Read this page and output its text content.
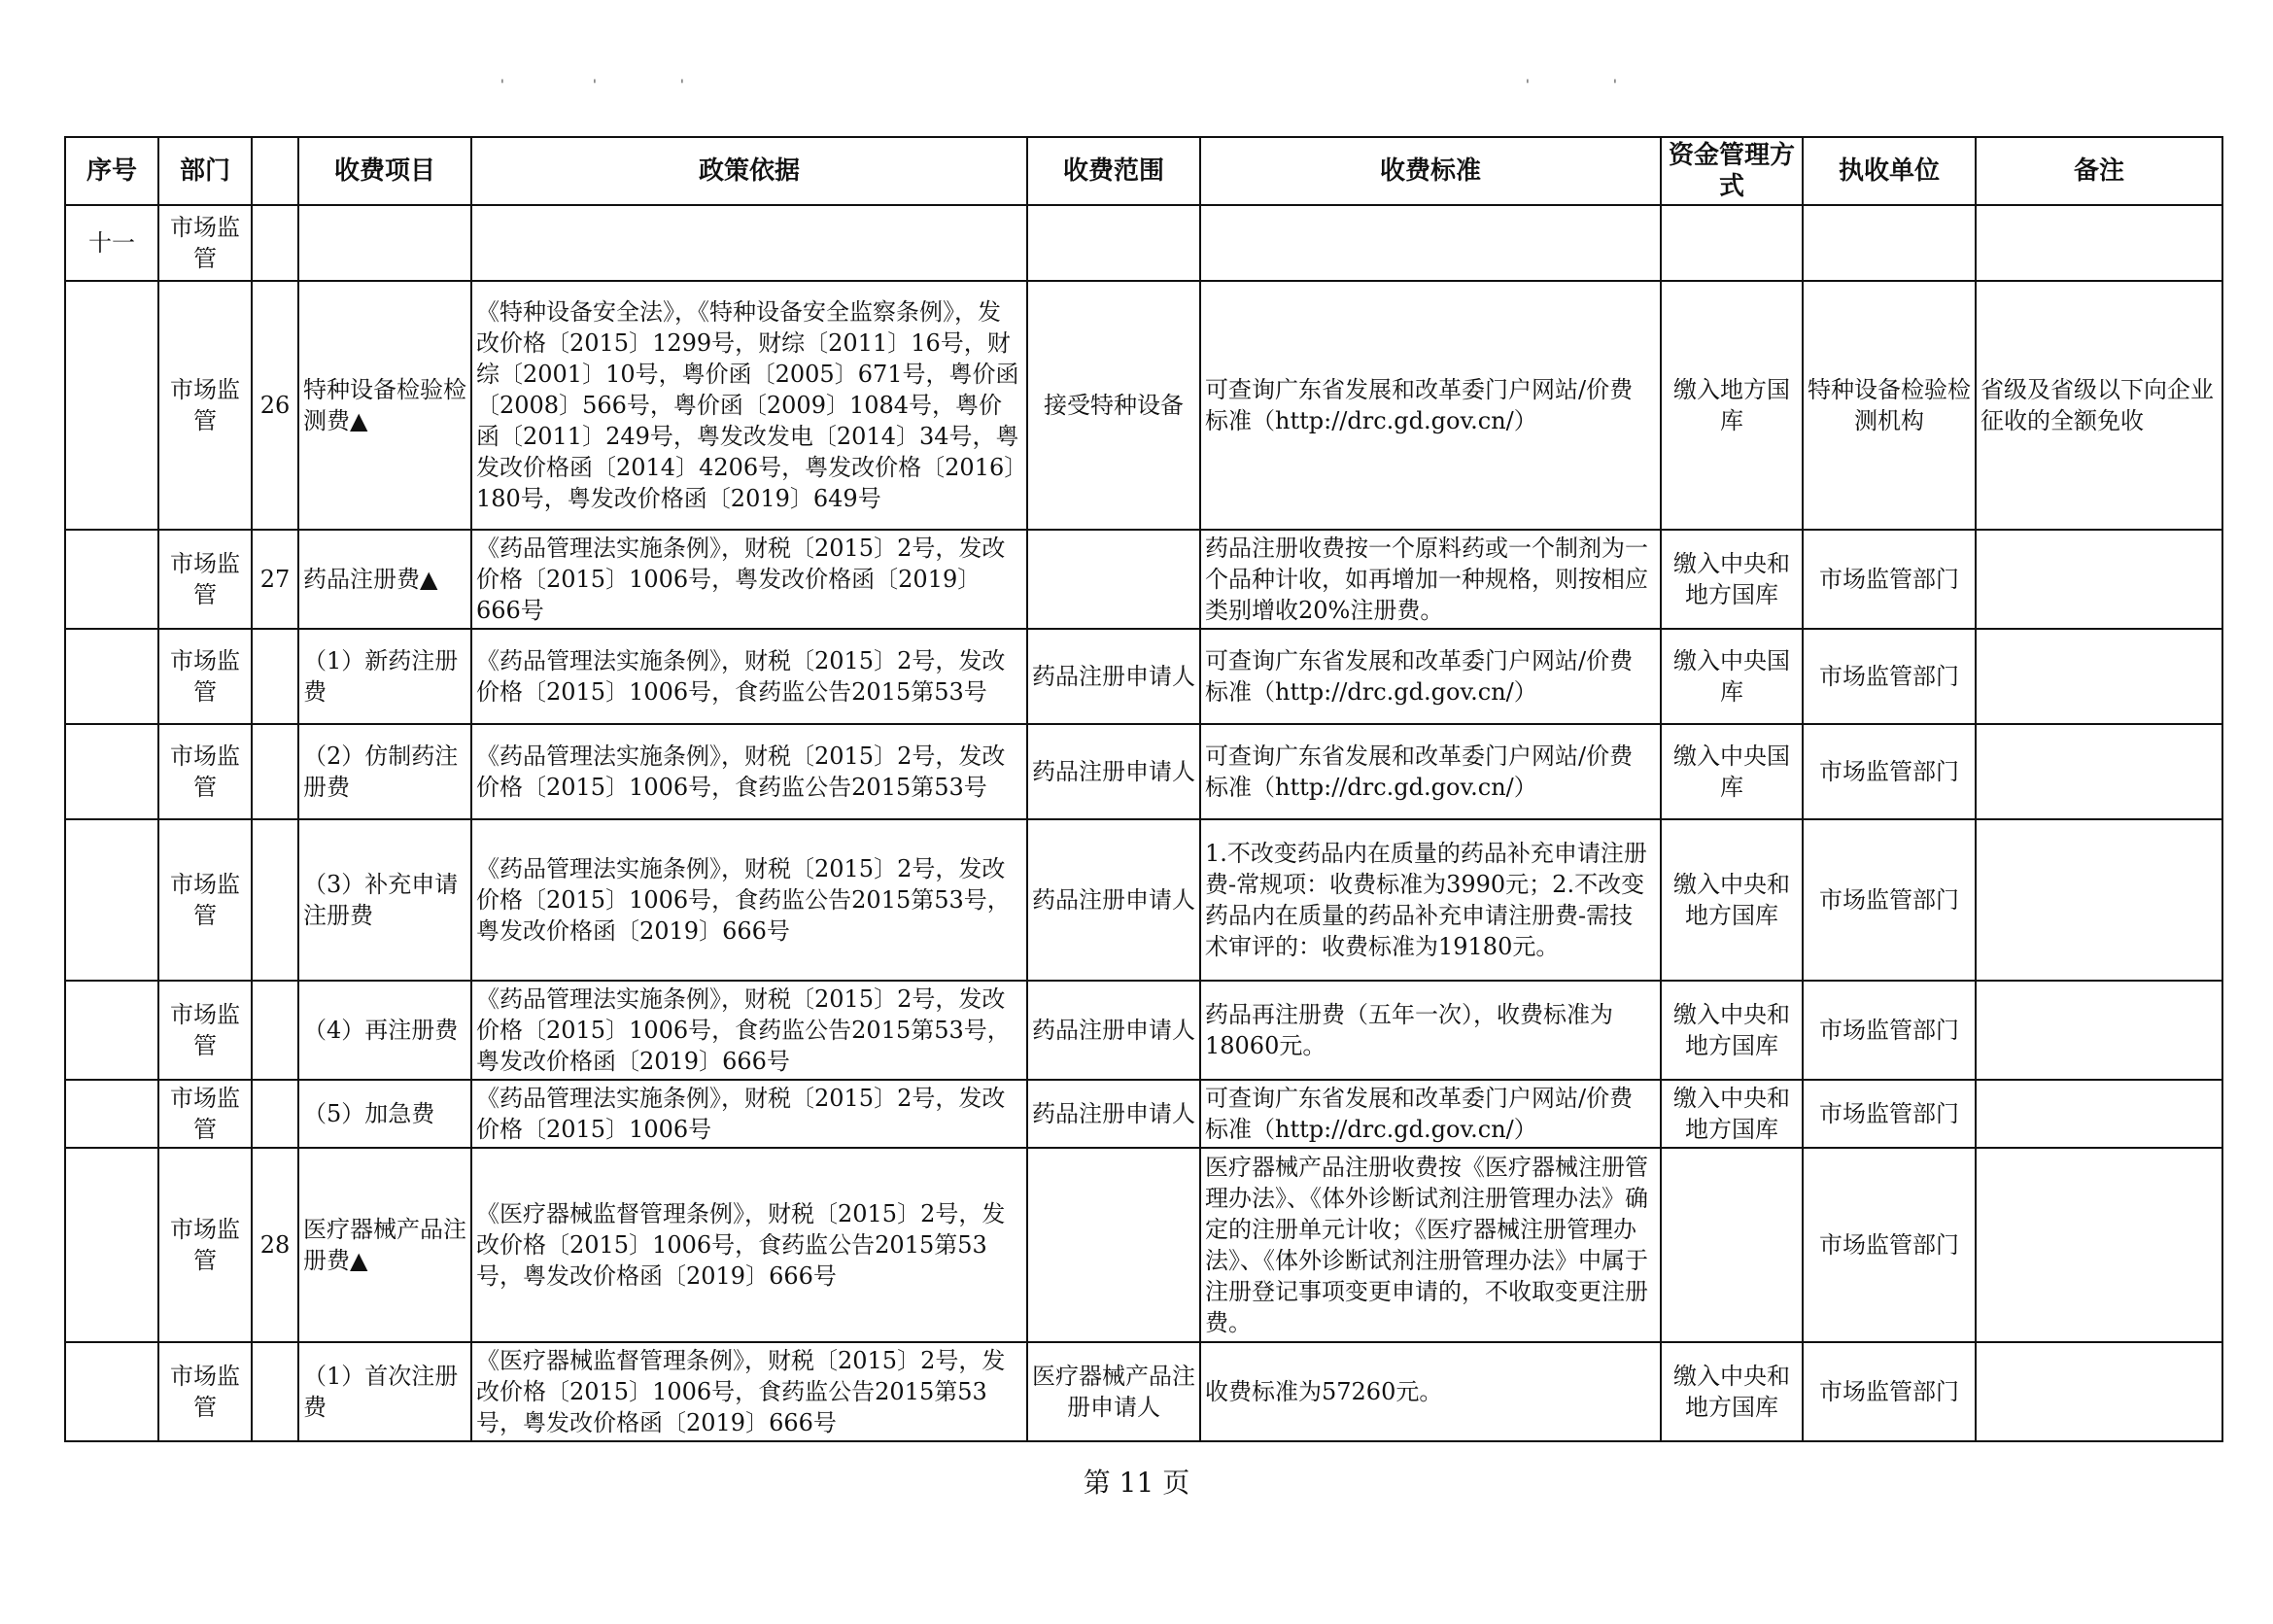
'	'	'	'	'
序号	部门		收费项目	政策依据	收费范围	收费标准	资金管理方式	执收单位	备注
十一	市场监管								
	市场监管	26	特种设备检验检测费▲	《特种设备安全法》，《特种设备安全监察条例》，发改价格〔2015〕1299号，财综〔2011〕16号，财综〔2001〕10号，粤价函〔2005〕671号，粤价函〔2008〕566号，粤价函〔2009〕1084号，粤价函〔2011〕249号，粤发改发电〔2014〕34号，粤发改价格函〔2014〕4206号，粤发改价格〔2016〕180号，粤发改价格函〔2019〕649号	接受特种设备	可查询广东省发展和改革委门户网站/价费标准（http://drc.gd.gov.cn/）	缴入地方国库	特种设备检验检测机构	省级及省级以下向企业征收的全额免收
	市场监管	27	药品注册费▲	《药品管理法实施条例》，财税〔2015〕2号，发改价格〔2015〕1006号，粤发改价格函〔2019〕666号		药品注册收费按一个原料药或一个制剂为一个品种计收，如再增加一种规格，则按相应类别增收20%注册费。	缴入中央和地方国库	市场监管部门	
	市场监管		（1）新药注册费	《药品管理法实施条例》，财税〔2015〕2号，发改价格〔2015〕1006号，食药监公告2015第53号	药品注册申请人	可查询广东省发展和改革委门户网站/价费标准（http://drc.gd.gov.cn/）	缴入中央国库	市场监管部门	
	市场监管		（2）仿制药注册费	《药品管理法实施条例》，财税〔2015〕2号，发改价格〔2015〕1006号，食药监公告2015第53号	药品注册申请人	可查询广东省发展和改革委门户网站/价费标准（http://drc.gd.gov.cn/）	缴入中央国库	市场监管部门	
	市场监管		（3）补充申请注册费	《药品管理法实施条例》，财税〔2015〕2号，发改价格〔2015〕1006号，食药监公告2015第53号，粤发改价格函〔2019〕666号	药品注册申请人	1.不改变药品内在质量的药品补充申请注册费-常规项：收费标准为3990元；2.不改变药品内在质量的药品补充申请注册费-需技术审评的：收费标准为19180元。	缴入中央和地方国库	市场监管部门	
	市场监管		（4）再注册费	《药品管理法实施条例》，财税〔2015〕2号，发改价格〔2015〕1006号，食药监公告2015第53号，粤发改价格函〔2019〕666号	药品注册申请人	药品再注册费（五年一次），收费标准为18060元。	缴入中央和地方国库	市场监管部门	
	市场监管		（5）加急费	《药品管理法实施条例》，财税〔2015〕2号，发改价格〔2015〕1006号	药品注册申请人	可查询广东省发展和改革委门户网站/价费标准（http://drc.gd.gov.cn/）	缴入中央和地方国库	市场监管部门	
	市场监管	28	医疗器械产品注册费▲	《医疗器械监督管理条例》，财税〔2015〕2号，发改价格〔2015〕1006号，食药监公告2015第53号，粤发改价格函〔2019〕666号		医疗器械产品注册收费按《医疗器械注册管理办法》、《体外诊断试剂注册管理办法》确定的注册单元计收；《医疗器械注册管理办法》、《体外诊断试剂注册管理办法》中属于注册登记事项变更申请的，不收取变更注册费。		市场监管部门	
	市场监管		（1）首次注册费	《医疗器械监督管理条例》，财税〔2015〕2号，发改价格〔2015〕1006号，食药监公告2015第53号，粤发改价格函〔2019〕666号	医疗器械产品注册申请人	收费标准为57260元。	缴入中央和地方国库	市场监管部门	
第 11 页
